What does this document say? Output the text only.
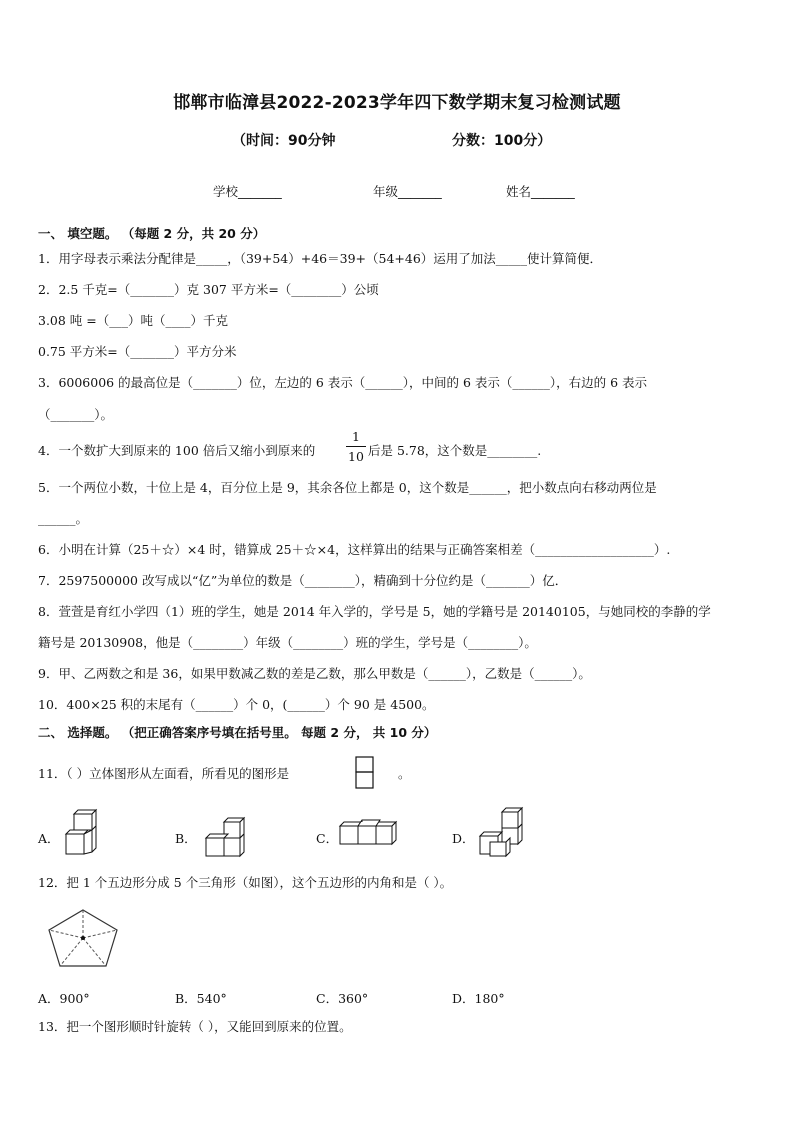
邯郸市临漳县2022-2023学年四下数学期末复习检测试题
（时间：90分钟	分数：100分）
学校_______	年级_______	姓名_______
一、 填空题。 （每题 2 分，共 20 分）
1．用字母表示乘法分配律是_____，（39+54）+46＝39+（54+46）运用了加法_____使计算简便．
2．2.5 千克=（_______）克 307 平方米=（________）公顷
3.08 吨 =（___）吨（____）千克
0.75 平方米=（_______）平方分米
3．6006006 的最高位是（_______）位，左边的 6 表示（______），中间的 6 表示（______），右边的 6 表示
（_______）。
4．一个数扩大到原来的 100 倍后又缩小到原来的
1
10 后是 5.78，这个数是________.
5．一个两位小数，十位上是 4，百分位上是 9，其余各位上都是 0，这个数是______，把小数点向右移动两位是
______。
6．小明在计算（25＋☆）×4 时，错算成 25＋☆×4，这样算出的结果与正确答案相差（___________________）.
7．2597500000 改写成以“亿”为单位的数是（________），精确到十分位约是（_______）亿．
8．萱萱是育红小学四（1）班的学生，她是 2014 年入学的，学号是 5，她的学籍号是 20140105，与她同校的李静的学
籍号是 20130908，他是（________）年级（________）班的学生，学号是（________）。
9．甲、乙两数之和是 36，如果甲数减乙数的差是乙数，那么甲数是（______），乙数是（______）。
10．400×25 积的末尾有（______）个 0，(______）个 90 是 4500。
二、 选择题。 （把正确答案序号填在括号里。 每题 2 分， 共 10 分）
11．（ ）立体图形从左面看，所看见的图形是	。
A．	B．	C．	D．
12．把 1 个五边形分成 5 个三角形（如图），这个五边形的内角和是（ ）。
A．900°	B．540°	C．360°	D．180°
13．把一个图形顺时针旋转（ ），又能回到原来的位置。
